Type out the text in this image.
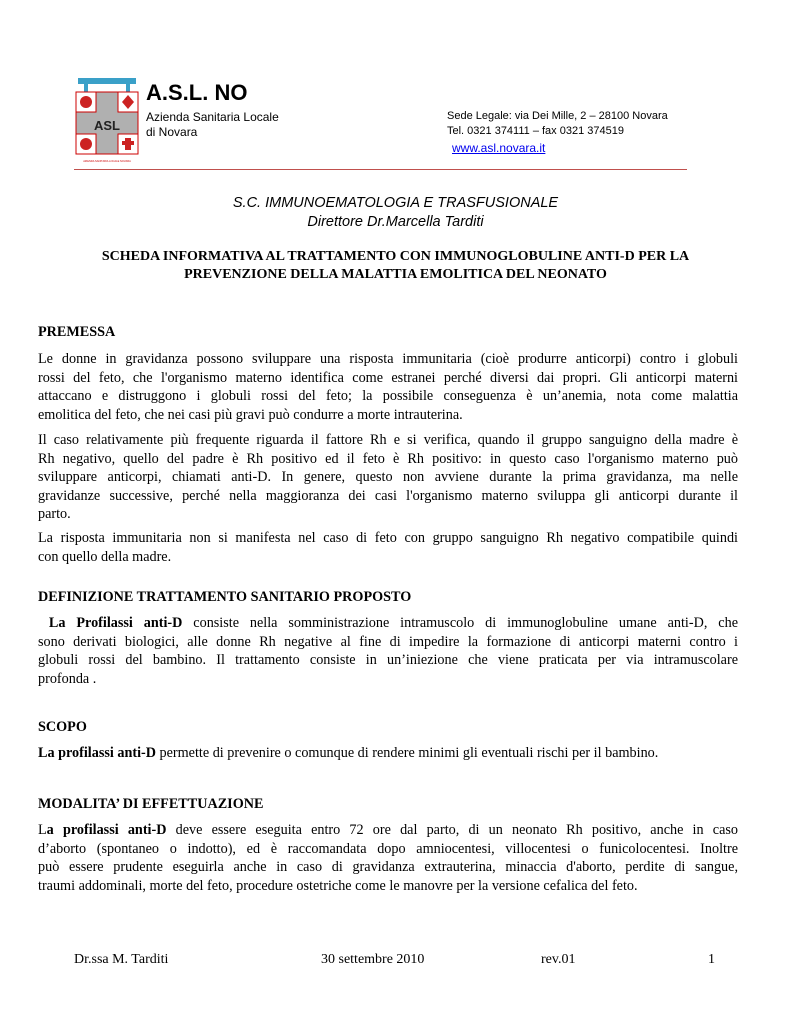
ASL
AZIENDA SANITARIA LOCALE NOVARA
A.S.L. NO
Azienda Sanitaria Locale
di Novara
Sede Legale: via Dei Mille, 2 – 28100 Novara
Tel. 0321 374111 – fax 0321 374519
www.asl.novara.it
S.C. IMMUNOEMATOLOGIA E TRASFUSIONALE
Direttore Dr.Marcella Tarditi
SCHEDA INFORMATIVA AL TRATTAMENTO CON IMMUNOGLOBULINE ANTI-D PER LA
PREVENZIONE DELLA MALATTIA EMOLITICA DEL NEONATO
PREMESSA
Le donne in gravidanza possono sviluppare una risposta immunitaria (cioè produrre anticorpi) contro i globuli
rossi del feto, che l'organismo materno identifica come estranei perché diversi dai propri. Gli anticorpi materni
attaccano e distruggono i globuli rossi del feto; la possibile conseguenza è un’anemia, nota come malattia
emolitica del feto, che nei casi più gravi può condurre a morte intrauterina.
Il caso relativamente più frequente riguarda il fattore Rh e si verifica, quando il gruppo sanguigno della madre è
Rh negativo, quello del padre è Rh positivo ed il feto è Rh positivo: in questo caso l'organismo materno può
sviluppare anticorpi, chiamati anti-D. In genere, questo non avviene durante la prima gravidanza, ma nelle
gravidanze successive, perché nella maggioranza dei casi l'organismo materno sviluppa gli anticorpi durante il
parto.
La risposta immunitaria non si manifesta nel caso di feto con gruppo sanguigno Rh negativo compatibile quindi
con quello della madre.
DEFINIZIONE TRATTAMENTO SANITARIO PROPOSTO
La Profilassi anti-D consiste nella somministrazione intramuscolo di immunoglobuline umane anti-D, che
sono derivati biologici, alle donne Rh negative al fine di impedire la formazione di anticorpi materni contro i
globuli rossi del bambino. Il trattamento consiste in un’iniezione che viene praticata per via intramuscolare
profonda .
SCOPO
La profilassi anti-D permette di prevenire o comunque di rendere minimi gli eventuali rischi per il bambino.
MODALITA’ DI EFFETTUAZIONE
La profilassi anti-D deve essere eseguita entro 72 ore dal parto, di un neonato Rh positivo, anche in caso
d’aborto (spontaneo o indotto), ed è raccomandata dopo amniocentesi, villocentesi o funicolocentesi. Inoltre
può essere prudente eseguirla anche in caso di gravidanza extrauterina, minaccia d'aborto, perdite di sangue,
traumi addominali, morte del feto, procedure ostetriche come le manovre per la versione cefalica del feto.
Dr.ssa M. Tarditi	30 settembre 2010	rev.01	1
